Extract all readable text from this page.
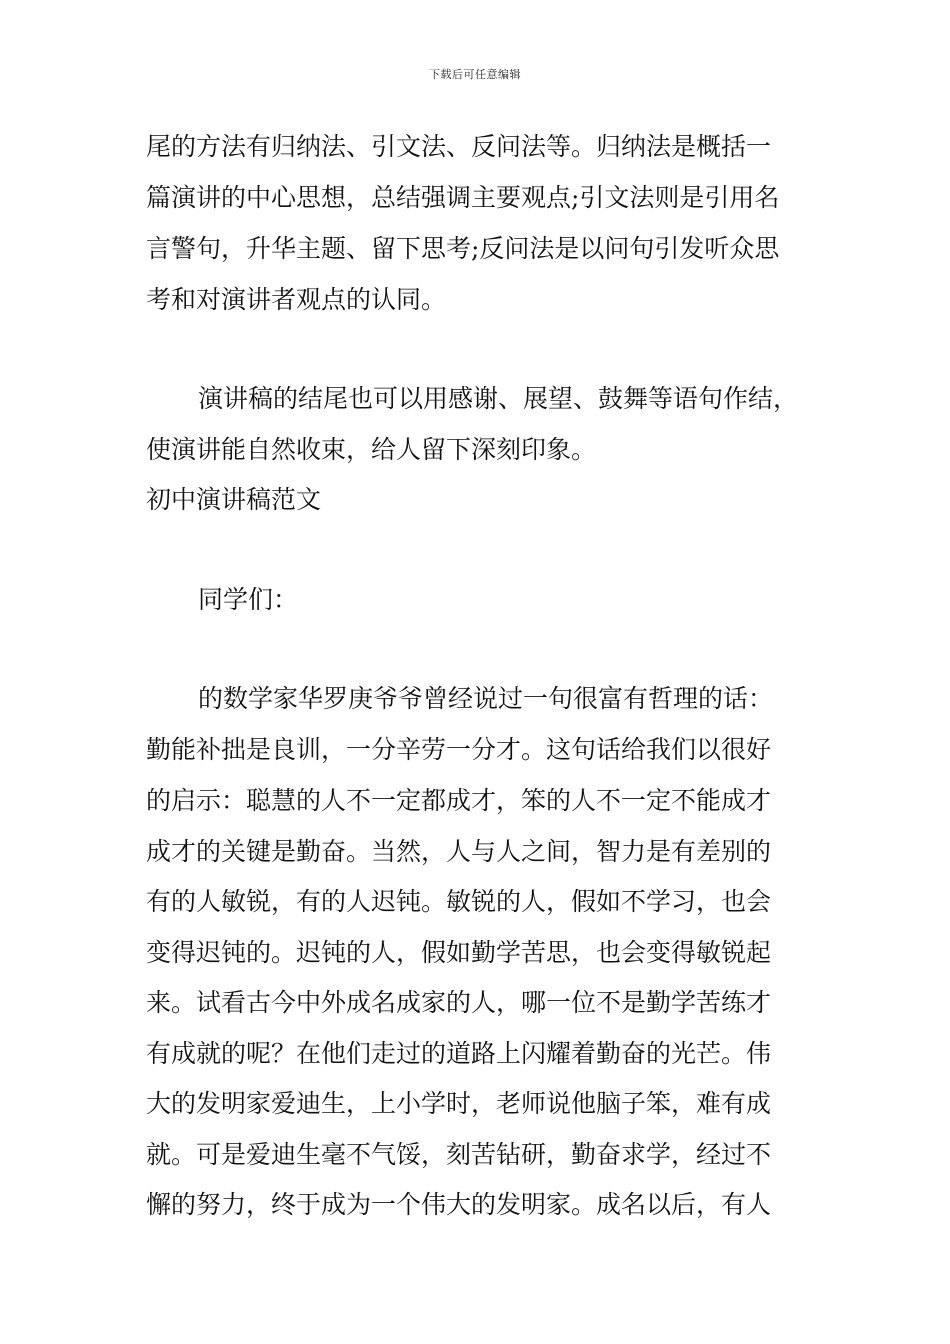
下载后可任意编辑
尾的方法有归纳法、引文法、反问法等。归纳法是概括一
篇演讲的中心思想，总结强调主要观点;引文法则是引用名
言警句，升华主题、留下思考;反问法是以问句引发听众思
考和对演讲者观点的认同。
演讲稿的结尾也可以用感谢、展望、鼓舞等语句作结，
使演讲能自然收束，给人留下深刻印象。
初中演讲稿范文
同学们：
的数学家华罗庚爷爷曾经说过一句很富有哲理的话：
勤能补拙是良训，一分辛劳一分才。这句话给我们以很好
的启示：聪慧的人不一定都成才，笨的人不一定不能成才
成才的关键是勤奋。当然，人与人之间，智力是有差别的
有的人敏锐，有的人迟钝。敏锐的人，假如不学习，也会
变得迟钝的。迟钝的人，假如勤学苦思，也会变得敏锐起
来。试看古今中外成名成家的人，哪一位不是勤学苦练才
有成就的呢？在他们走过的道路上闪耀着勤奋的光芒。伟
大的发明家爱迪生，上小学时，老师说他脑子笨，难有成
就。可是爱迪生毫不气馁，刻苦钻研，勤奋求学，经过不
懈的努力，终于成为一个伟大的发明家。成名以后，有人
